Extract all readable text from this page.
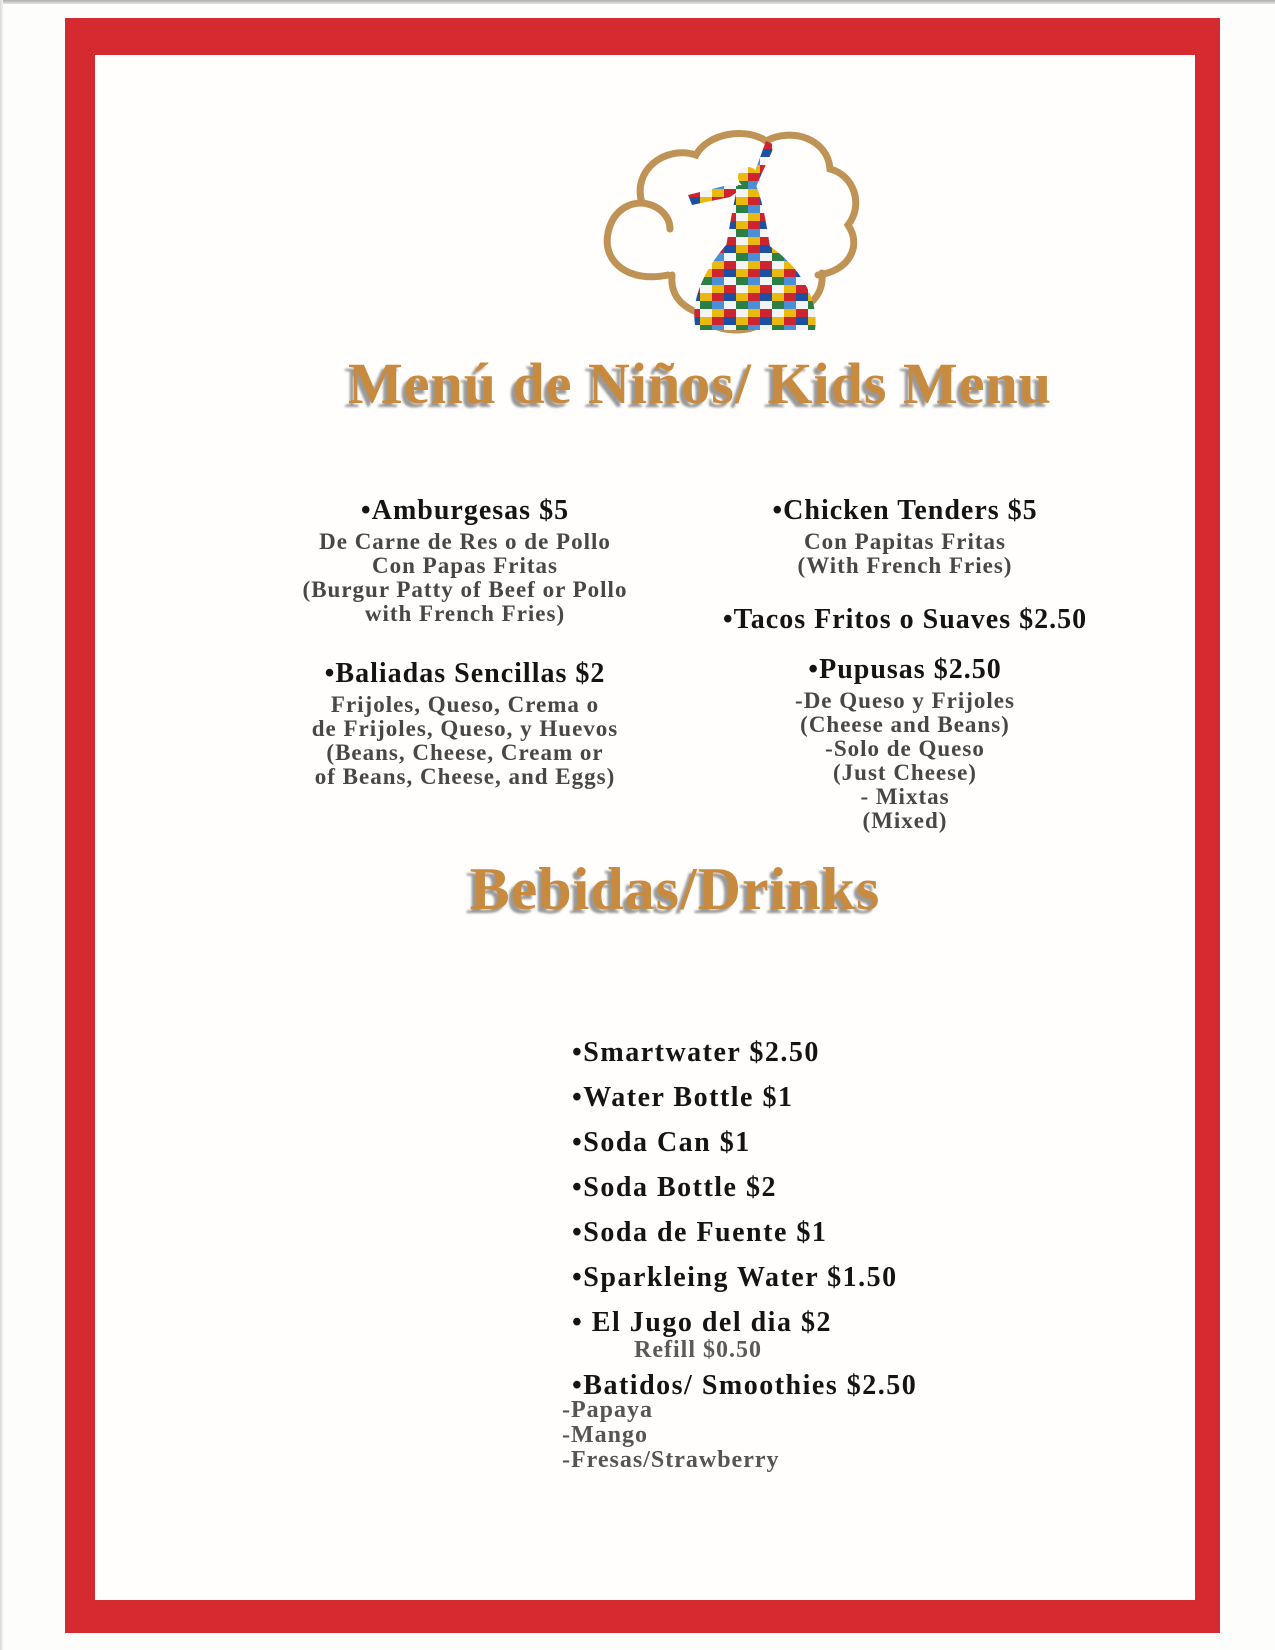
Menú de Niños/ Kids Menu
•Amburgesas $5
De Carne de Res o de Pollo
Con Papas Fritas
(Burgur Patty of Beef or Pollo
with French Fries)
•Baliadas Sencillas $2
Frijoles, Queso, Crema o
de Frijoles, Queso, y Huevos
(Beans, Cheese, Cream or
of Beans, Cheese, and Eggs)
•Chicken Tenders $5
Con Papitas Fritas
(With French Fries)
•Tacos Fritos o Suaves $2.50
•Pupusas $2.50
-De Queso y Frijoles
(Cheese and Beans)
-Solo de Queso
(Just Cheese)
- Mixtas
(Mixed)
Bebidas/Drinks
•Smartwater $2.50
•Water Bottle $1
•Soda Can $1
•Soda Bottle $2
•Soda de Fuente $1
•Sparkleing Water $1.50
• El Jugo del dia $2
Refill $0.50
•Batidos/ Smoothies $2.50
-Papaya
-Mango
-Fresas/Strawberry
